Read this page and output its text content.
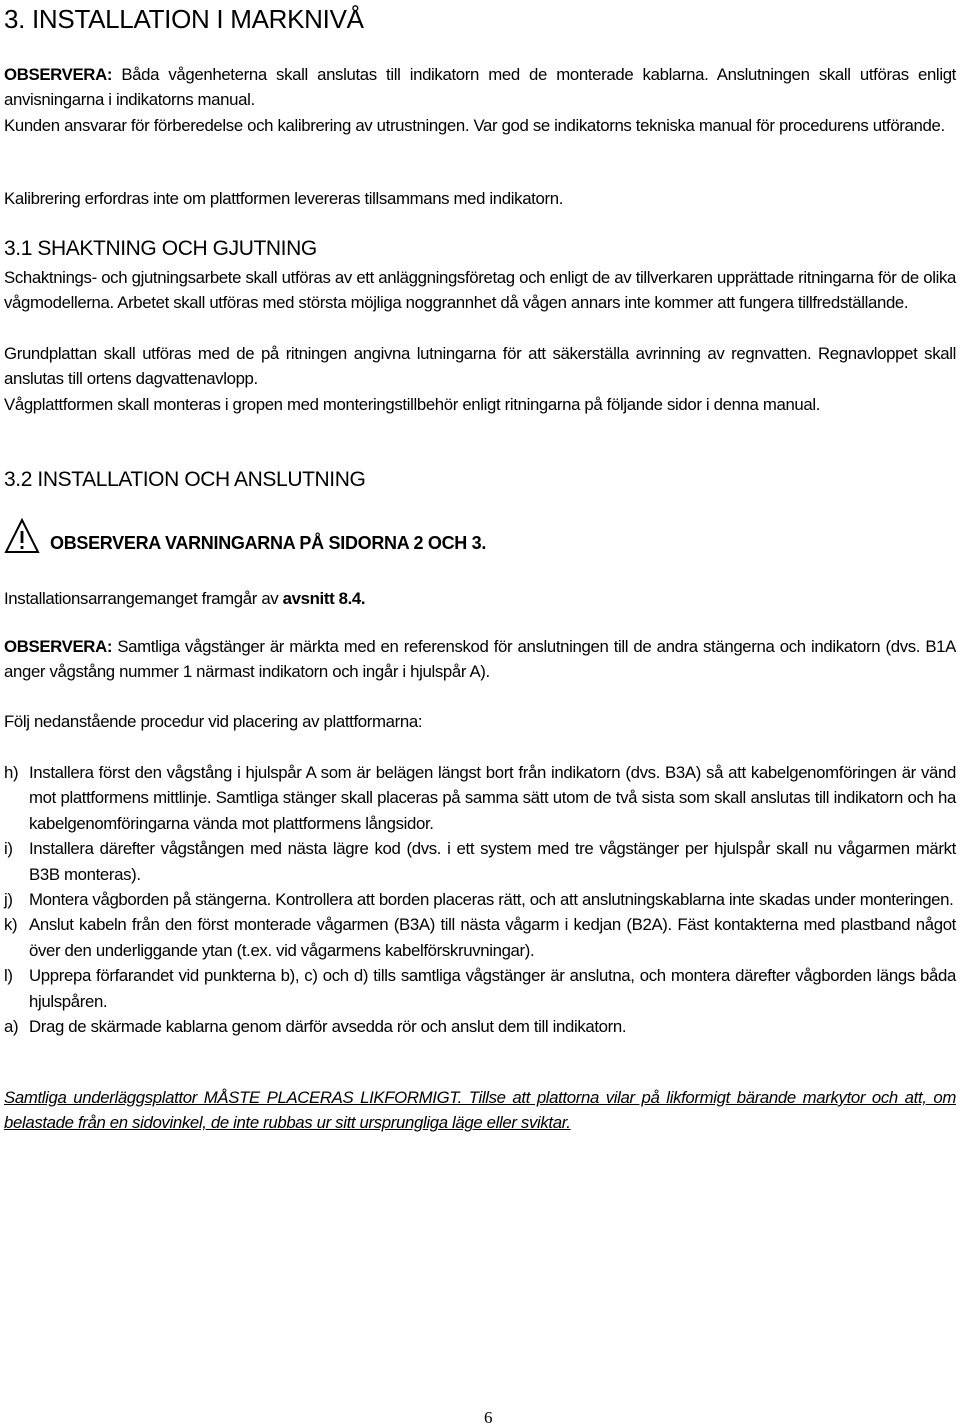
3. INSTALLATION I MARKNIVÅ

OBSERVERA: Båda vågenheterna skall anslutas till indikatorn med de monterade kablarna. Anslutningen skall utföras enligt anvisningarna i indikatorns manual.

Kunden ansvarar för förberedelse och kalibrering av utrustningen. Var god se indikatorns tekniska manual för procedurens utförande.

Kalibrering erfordras inte om plattformen levereras tillsammans med indikatorn.

3.1 SHAKTNING OCH GJUTNING

Schaktnings- och gjutningsarbete skall utföras av ett anläggningsföretag och enligt de av tillverkaren upprättade ritningarna för de olika vågmodellerna. Arbetet skall utföras med största möjliga noggrannhet då vågen annars inte kommer att fungera tillfredställande.

Grundplattan skall utföras med de på ritningen angivna lutningarna för att säkerställa avrinning av regnvatten. Regnavloppet skall anslutas till ortens dagvattenavlopp.

Vågplattformen skall monteras i gropen med monteringstillbehör enligt ritningarna på följande sidor i denna manual.

3.2 INSTALLATION OCH ANSLUTNING
OBSERVERA VARNINGARNA PÅ SIDORNA 2 OCH 3.

Installationsarrangemanget framgår av avsnitt 8.4.

OBSERVERA: Samtliga vågstänger är märkta med en referenskod för anslutningen till de andra stängerna och indikatorn (dvs. B1A anger vågstång nummer 1 närmast indikatorn och ingår i hjulspår A).

Följ nedanstående procedur vid placering av plattformarna:

h) Installera först den vågstång i hjulspår A som är belägen längst bort från indikatorn (dvs. B3A) så att kabelgenomföringen är vänd mot plattformens mittlinje. Samtliga stänger skall placeras på samma sätt utom de två sista som skall anslutas till indikatorn och ha kabelgenomföringarna vända mot plattformens långsidor.
i) Installera därefter vågstången med nästa lägre kod (dvs. i ett system med tre vågstänger per hjulspår skall nu vågarmen märkt B3B monteras).
j) Montera vågborden på stängerna. Kontrollera att borden placeras rätt, och att anslutningskablarna inte skadas under monteringen.
k) Anslut kabeln från den först monterade vågarmen (B3A) till nästa vågarm i kedjan (B2A). Fäst kontakterna med plastband något över den underliggande ytan (t.ex. vid vågarmens kabelförskruvningar).
l) Upprepa förfarandet vid punkterna b), c) och d) tills samtliga vågstänger är anslutna, och montera därefter vågborden längs båda hjulspåren.
a) Drag de skärmade kablarna genom därför avsedda rör och anslut dem till indikatorn.

Samtliga underläggsplattor MÅSTE PLACERAS LIKFORMIGT. Tillse att plattorna vilar på likformigt bärande markytor och att, om belastade från en sidovinkel, de inte rubbas ur sitt ursprungliga läge eller sviktar.

6
